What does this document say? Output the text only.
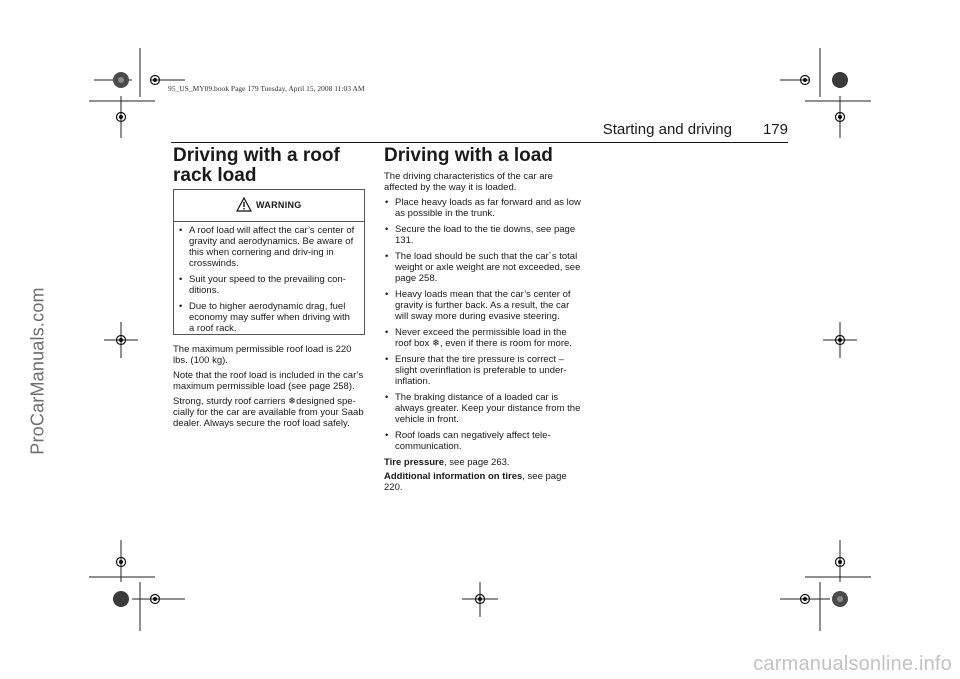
95_US_MY09.book Page 179 Tuesday, April 15, 2008 11:03 AM
ProCarManuals.com
Starting and driving 179
Driving with a roof rack load
WARNING
• A roof load will affect the car’s center of gravity and aerodynamics. Be aware of this when cornering and driv-ing in crosswinds.
• Suit your speed to the prevailing con-ditions.
• Due to higher aerodynamic drag, fuel economy may suffer when driving with a roof rack.

The maximum permissible roof load is 220 lbs. (100 kg).

Note that the roof load is included in the car’s maximum permissible load (see page 258).

Strong, sturdy roof carriers ❄designed spe-cially for the car are available from your Saab dealer. Always secure the roof load safely.

Driving with a load

The driving characteristics of the car are affected by the way it is loaded.

• Place heavy loads as far forward and as low as possible in the trunk.
• Secure the load to the tie downs, see page 131.
• The load should be such that the car´s total weight or axle weight are not exceeded, see page 258.
• Heavy loads mean that the car’s center of gravity is further back. As a result, the car will sway more during evasive steering.
• Never exceed the permissible load in the roof box ❄, even if there is room for more.
• Ensure that the tire pressure is correct – slight overinflation is preferable to under-inflation.
• The braking distance of a loaded car is always greater. Keep your distance from the vehicle in front.
• Roof loads can negatively affect tele-communication.

Tire pressure, see page 263.

Additional information on tires, see page 220.

carmanualsonline.info
